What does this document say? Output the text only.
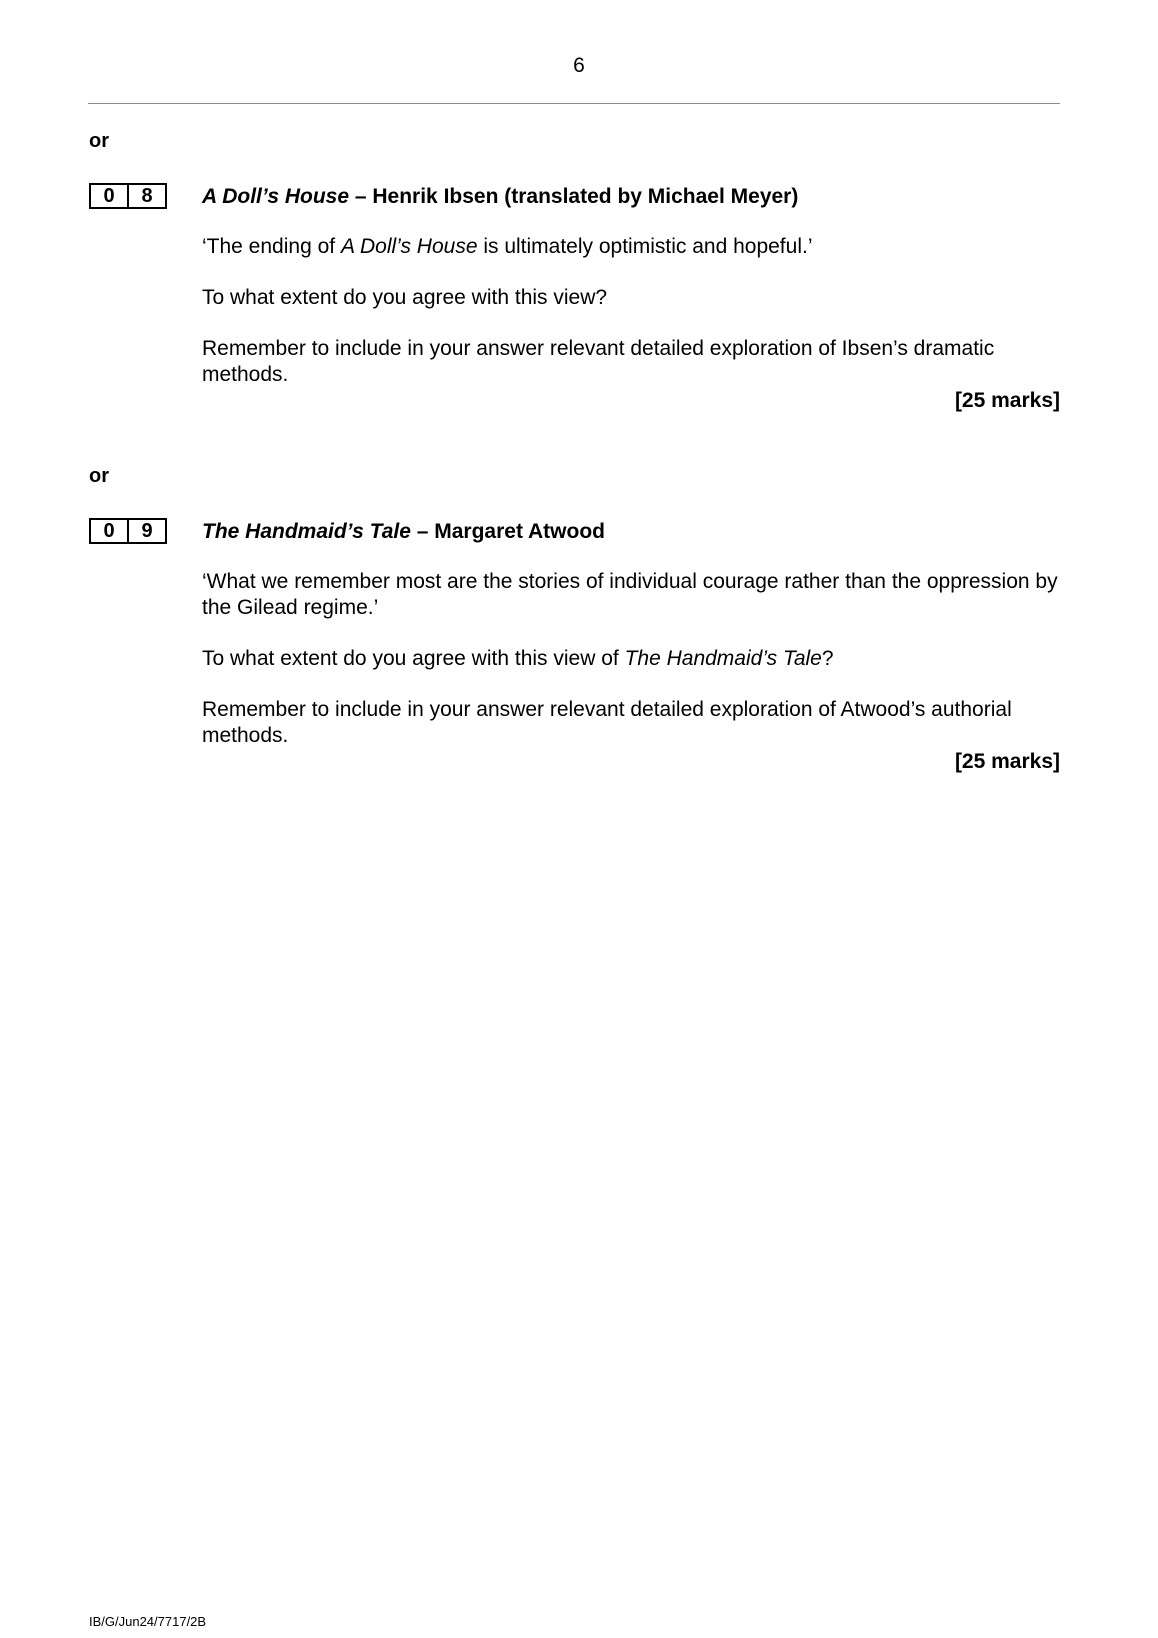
6
or
0	8	A Doll’s House – Henrik Ibsen (translated by Michael Meyer)

‘The ending of A Doll’s House is ultimately optimistic and hopeful.’

To what extent do you agree with this view?

Remember to include in your answer relevant detailed exploration of Ibsen’s dramatic methods.

[25 marks]
or
0	9	The Handmaid’s Tale – Margaret Atwood

‘What we remember most are the stories of individual courage rather than the oppression by the Gilead regime.’

To what extent do you agree with this view of The Handmaid’s Tale?

Remember to include in your answer relevant detailed exploration of Atwood’s authorial methods.

[25 marks]
IB/G/Jun24/7717/2B
